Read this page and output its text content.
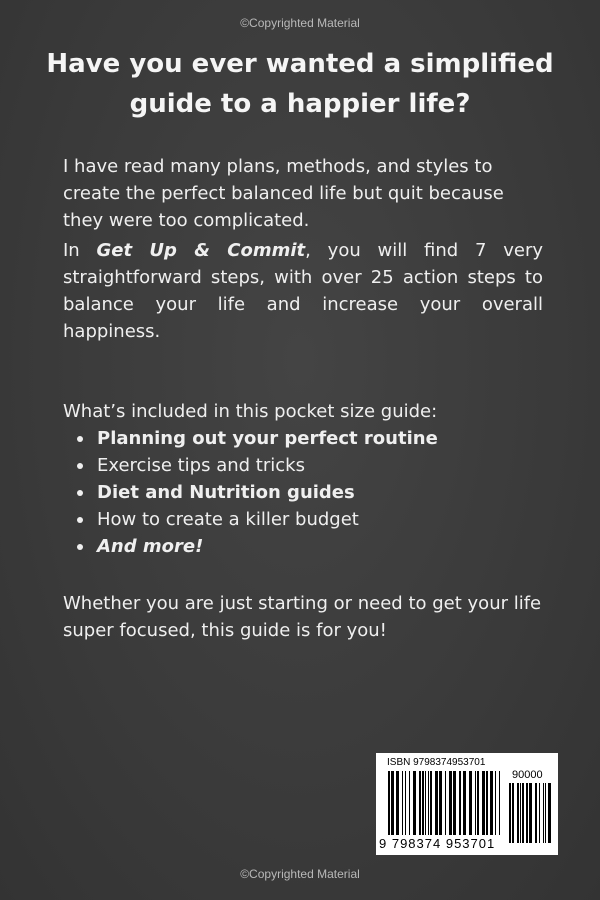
©Copyrighted Material
Have you ever wanted a simplified guide to a happier life?

I have read many plans, methods, and styles to create the perfect balanced life but quit because they were too complicated.

In Get Up & Commit, you will find 7 very straightforward steps, with over 25 action steps to balance your life and increase your overall happiness.

What’s included in this pocket size guide:

Planning out your perfect routine
Exercise tips and tricks
Diet and Nutrition guides
How to create a killer budget
And more!

Whether you are just starting or need to get your life super focused, this guide is for you!

ISBN 9798374953701
90000
9 798374 953701
©Copyrighted Material
